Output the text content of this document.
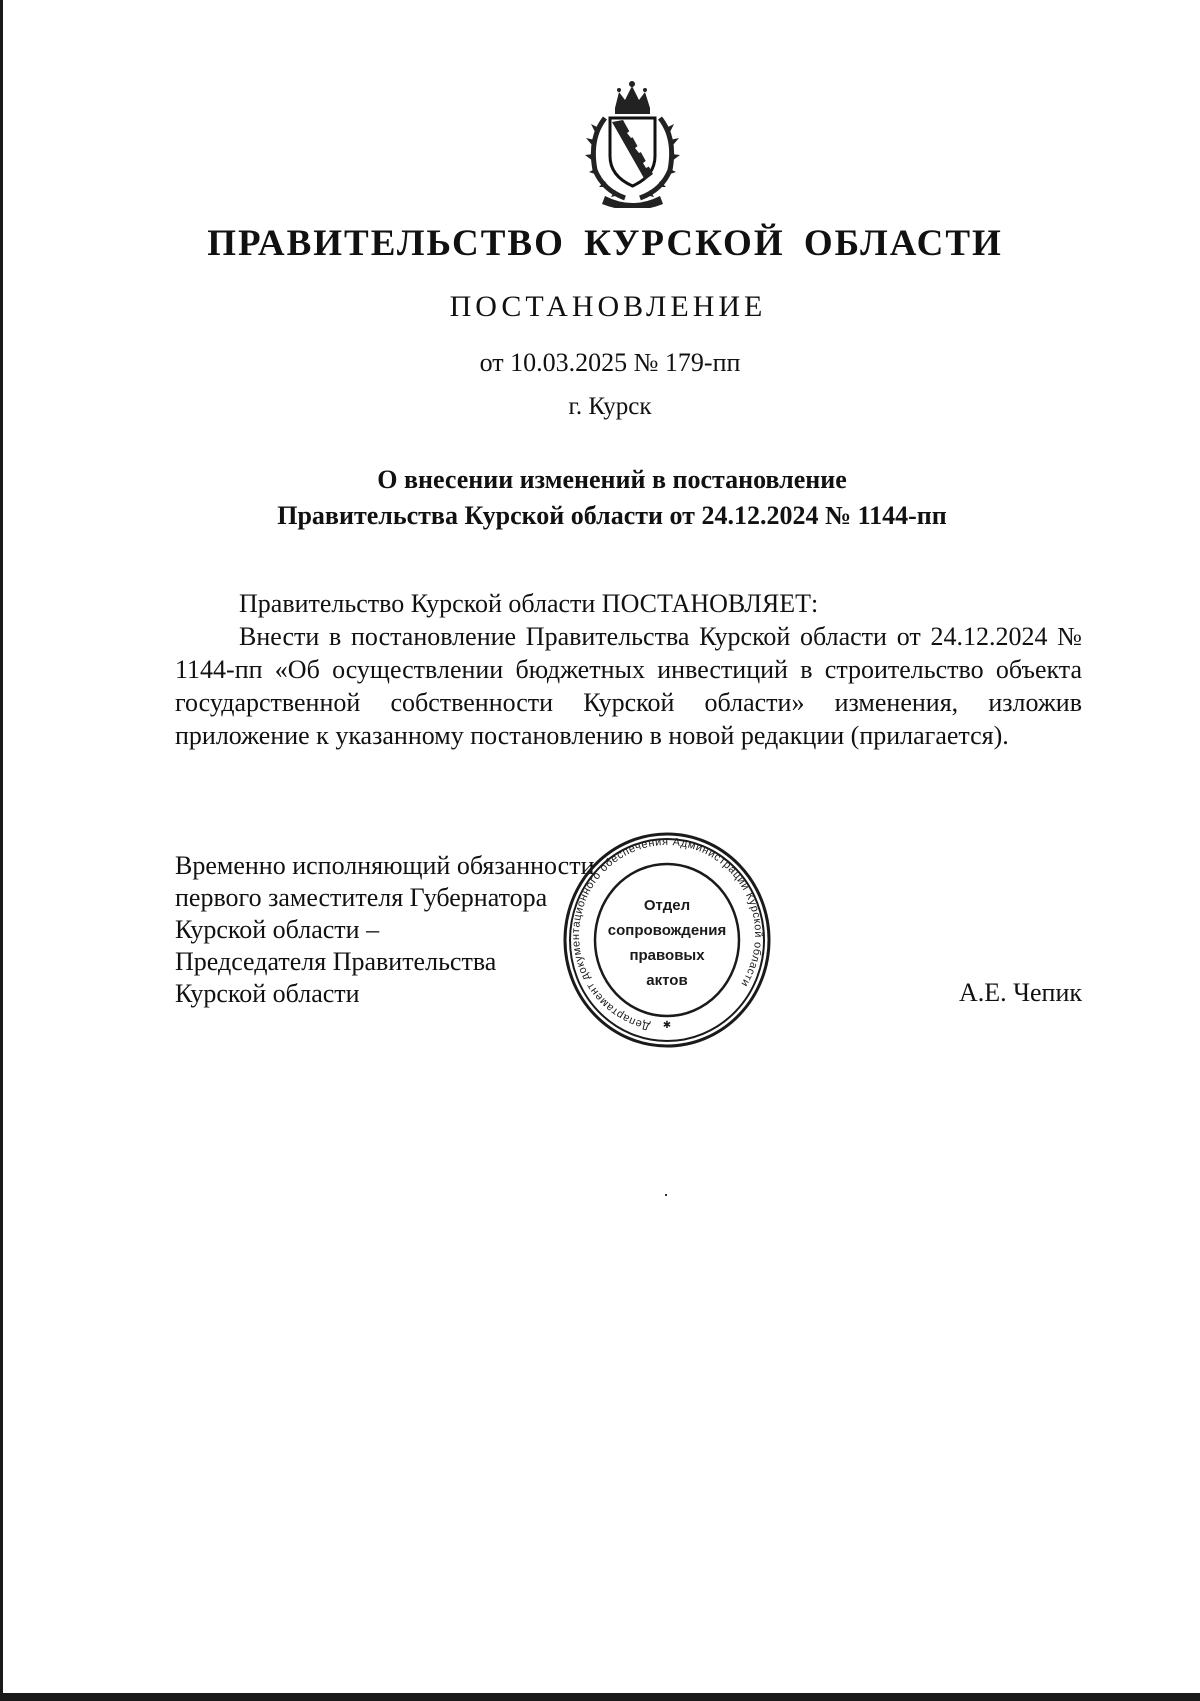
ПРАВИТЕЛЬСТВО КУРСКОЙ ОБЛАСТИ
ПОСТАНОВЛЕНИЕ
от 10.03.2025 № 179-пп
г. Курск
О внесении изменений в постановление
Правительства Курской области от 24.12.2024 № 1144-пп
Правительство Курской области ПОСТАНОВЛЯЕТ:
Внести в постановление Правительства Курской области от 24.12.2024 № 1144-пп «Об осуществлении бюджетных инвестиций в строительство объекта государственной собственности Курской области» изменения, изложив приложение к указанному постановлению в новой редакции (прилагается).
Временно исполняющий обязанности
первого заместителя Губернатора
Курской области –
Председателя Правительства
Курской области	А.Е. Чепик
Департамент документационного обеспечения Администрации Курской области
✱
Отдел
сопровождения
правовых
актов
